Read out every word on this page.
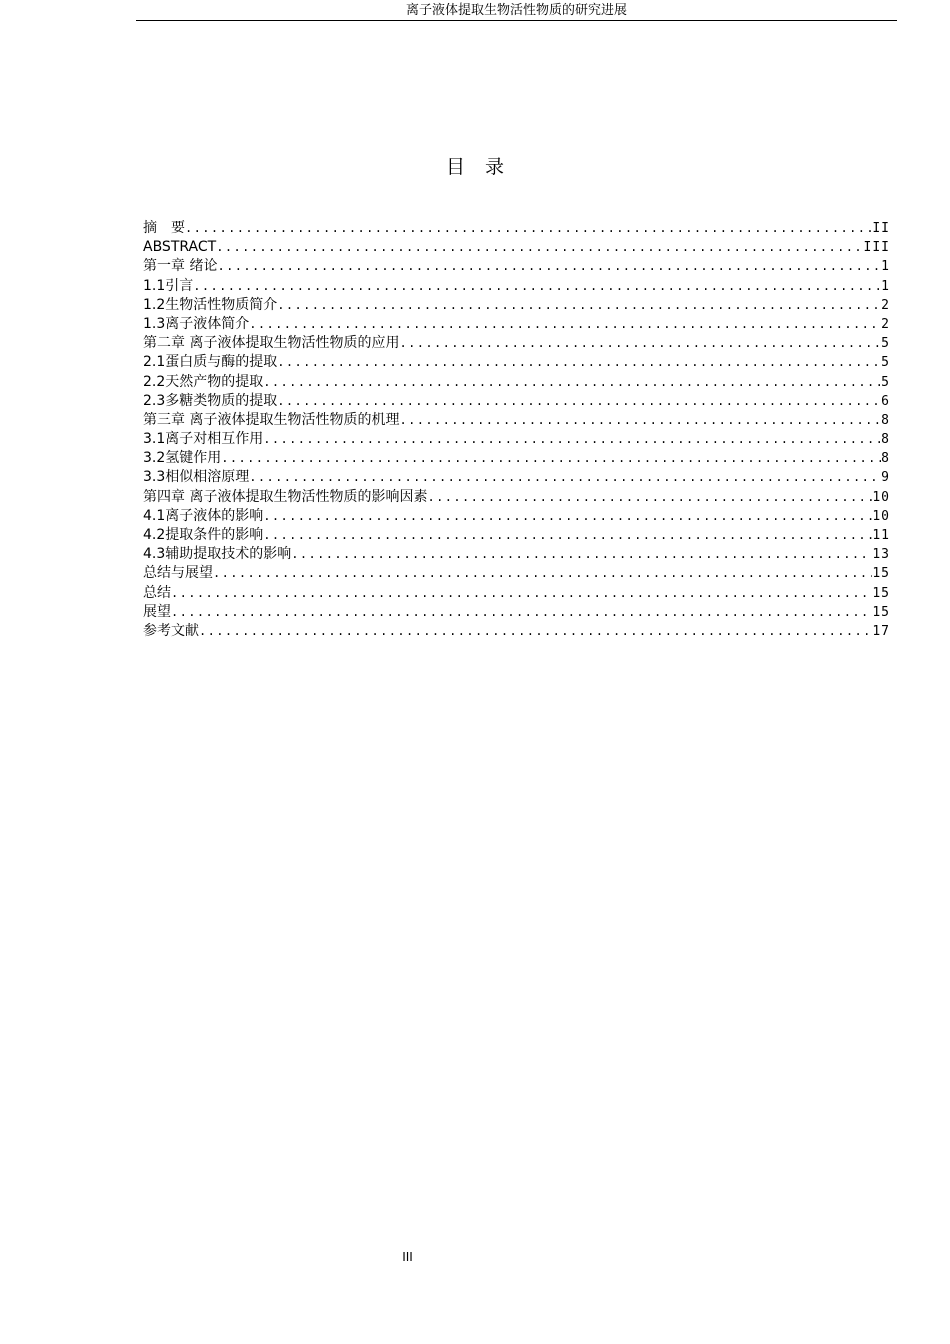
离子液体提取生物活性物质的研究进展
目录
摘　要 .....	II
ABSTRACT .....	III
第一章 绪论 .....	1
1.1引言 .....	1
1.2生物活性物质简介 .....	2
1.3离子液体简介 .....	2
第二章 离子液体提取生物活性物质的应用 .....	5
2.1蛋白质与酶的提取 .....	5
2.2天然产物的提取 .....	5
2.3多糖类物质的提取 .....	6
第三章 离子液体提取生物活性物质的机理 .....	8
3.1离子对相互作用 .....	8
3.2氢键作用 .....	8
3.3相似相溶原理 .....	9
第四章 离子液体提取生物活性物质的影响因素 .....	10
4.1离子液体的影响 .....	10
4.2提取条件的影响 .....	11
4.3辅助提取技术的影响 .....	13
总结与展望 .....	15
总结 .....	15
展望 .....	15
参考文献 .....	17
III
